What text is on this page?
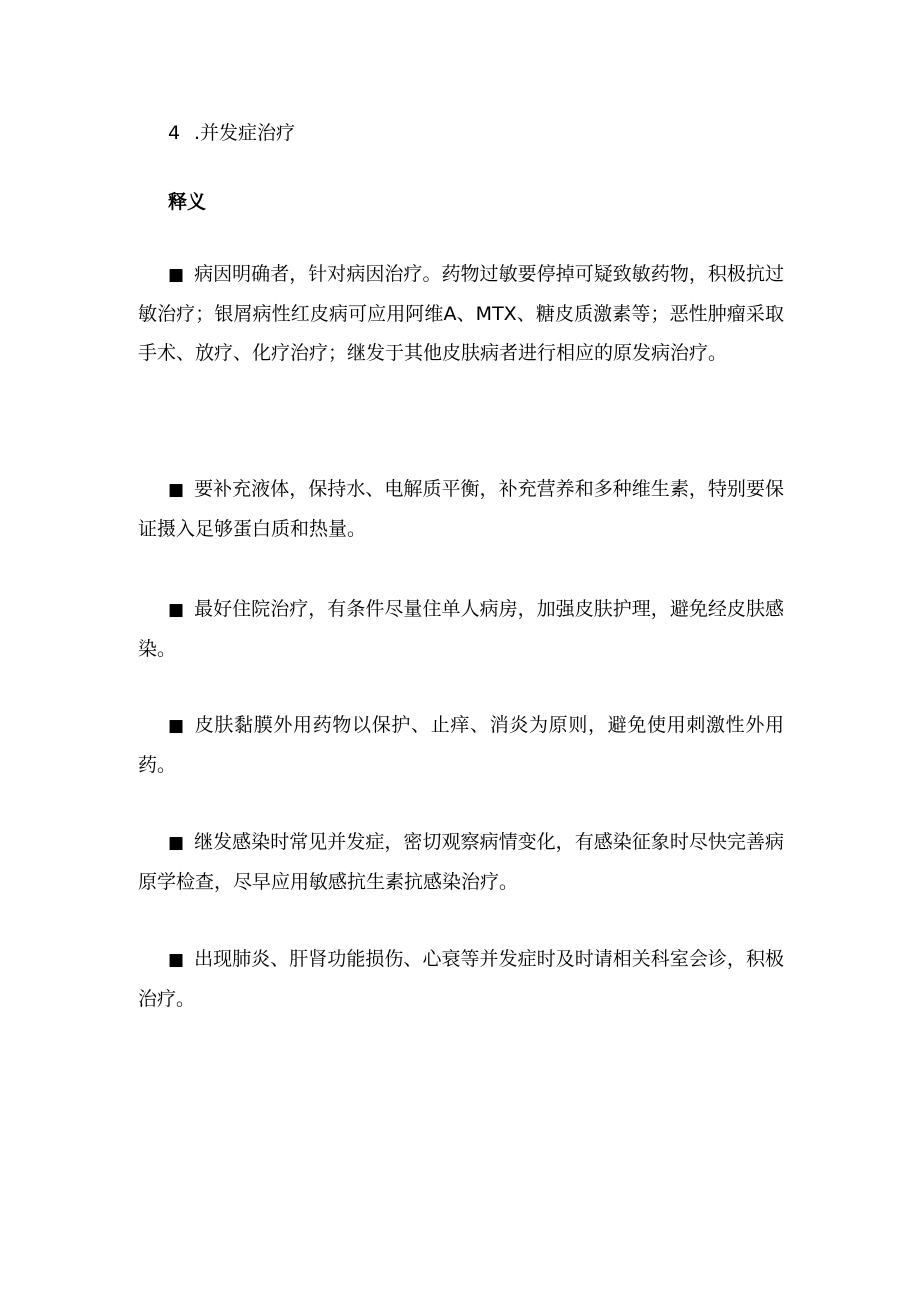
4 .并发症治疗
释义

■ 病因明确者，针对病因治疗。药物过敏要停掉可疑致敏药物，积极抗过敏治疗；银屑病性红皮病可应用阿维A、MTX、糖皮质激素等；恶性肿瘤采取手术、放疗、化疗治疗；继发于其他皮肤病者进行相应的原发病治疗。

■ 要补充液体，保持水、电解质平衡，补充营养和多种维生素，特别要保证摄入足够蛋白质和热量。

■ 最好住院治疗，有条件尽量住单人病房，加强皮肤护理，避免经皮肤感染。

■ 皮肤黏膜外用药物以保护、止痒、消炎为原则，避免使用刺激性外用药。

■ 继发感染时常见并发症，密切观察病情变化，有感染征象时尽快完善病原学检查，尽早应用敏感抗生素抗感染治疗。

■ 出现肺炎、肝肾功能损伤、心衰等并发症时及时请相关科室会诊，积极治疗。
